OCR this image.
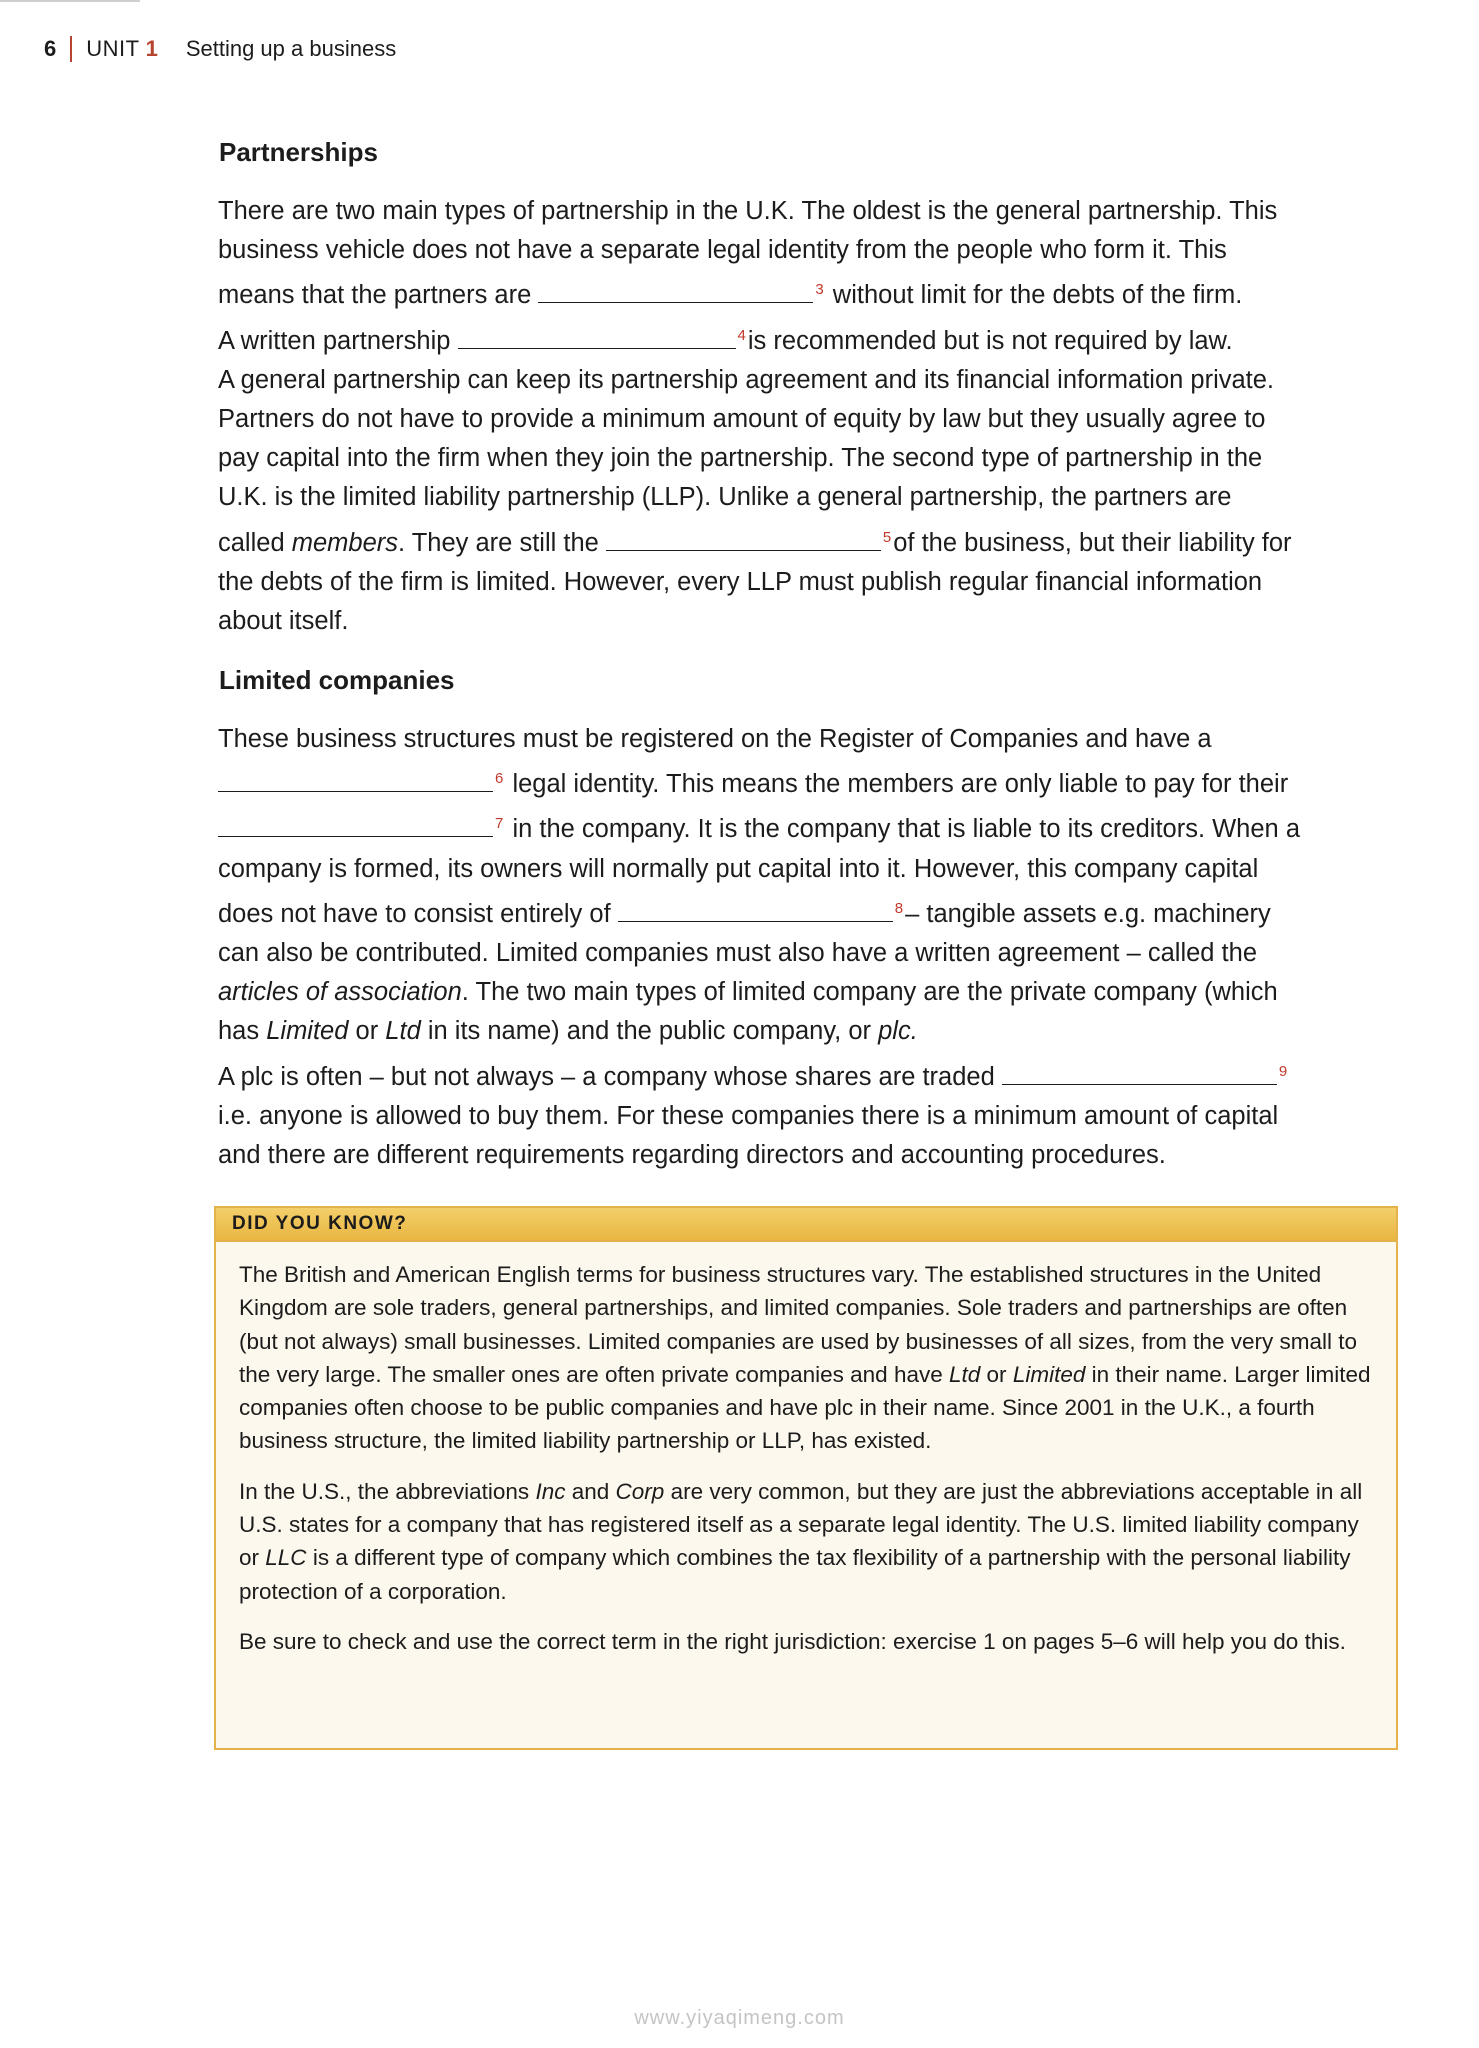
6 UNIT 1 Setting up a business
Partnerships

There are two main types of partnership in the U.K. The oldest is the general partnership. This

business vehicle does not have a separate legal identity from the people who form it. This

means that the partners are	$^3$ without limit for the debts of the firm.

A written partnership	$^4$is recommended but is not required by law.

A general partnership can keep its partnership agreement and its financial information private.

Partners do not have to provide a minimum amount of equity by law but they usually agree to

pay capital into the firm when they join the partnership. The second type of partnership in the

U.K. is the limited liability partnership (LLP). Unlike a general partnership, the partners are

called members. They are still the	$^5$of the business, but their liability for

the debts of the firm is limited. However, every LLP must publish regular financial information

about itself.

Limited companies

These business structures must be registered on the Register of Companies and have a

$^6$ legal identity. This means the members are only liable to pay for their

$^7$ in the company. It is the company that is liable to its creditors. When a

company is formed, its owners will normally put capital into it. However, this company capital

does not have to consist entirely of	$^8$– tangible assets e.g. machinery

can also be contributed. Limited companies must also have a written agreement – called the

articles of association. The two main types of limited company are the private company (which

has Limited or Ltd in its name) and the public company, or plc.

A plc is often – but not always – a company whose shares are traded	$^9$

i.e. anyone is allowed to buy them. For these companies there is a minimum amount of capital

and there are different requirements regarding directors and accounting procedures.

DID YOU KNOW?

The British and American English terms for business structures vary. The established structures in the United Kingdom are sole traders, general partnerships, and limited companies. Sole traders and partnerships are often (but not always) small businesses. Limited companies are used by businesses of all sizes, from the very small to the very large. The smaller ones are often private companies and have Ltd or Limited in their name. Larger limited companies often choose to be public companies and have plc in their name. Since 2001 in the U.K., a fourth business structure, the limited liability partnership or LLP, has existed.

In the U.S., the abbreviations Inc and Corp are very common, but they are just the abbreviations acceptable in all U.S. states for a company that has registered itself as a separate legal identity. The U.S. limited liability company or LLC is a different type of company which combines the tax flexibility of a partnership with the personal liability protection of a corporation.

Be sure to check and use the correct term in the right jurisdiction: exercise 1 on pages 5–6 will help you do this.

www.yiyaqimeng.com
